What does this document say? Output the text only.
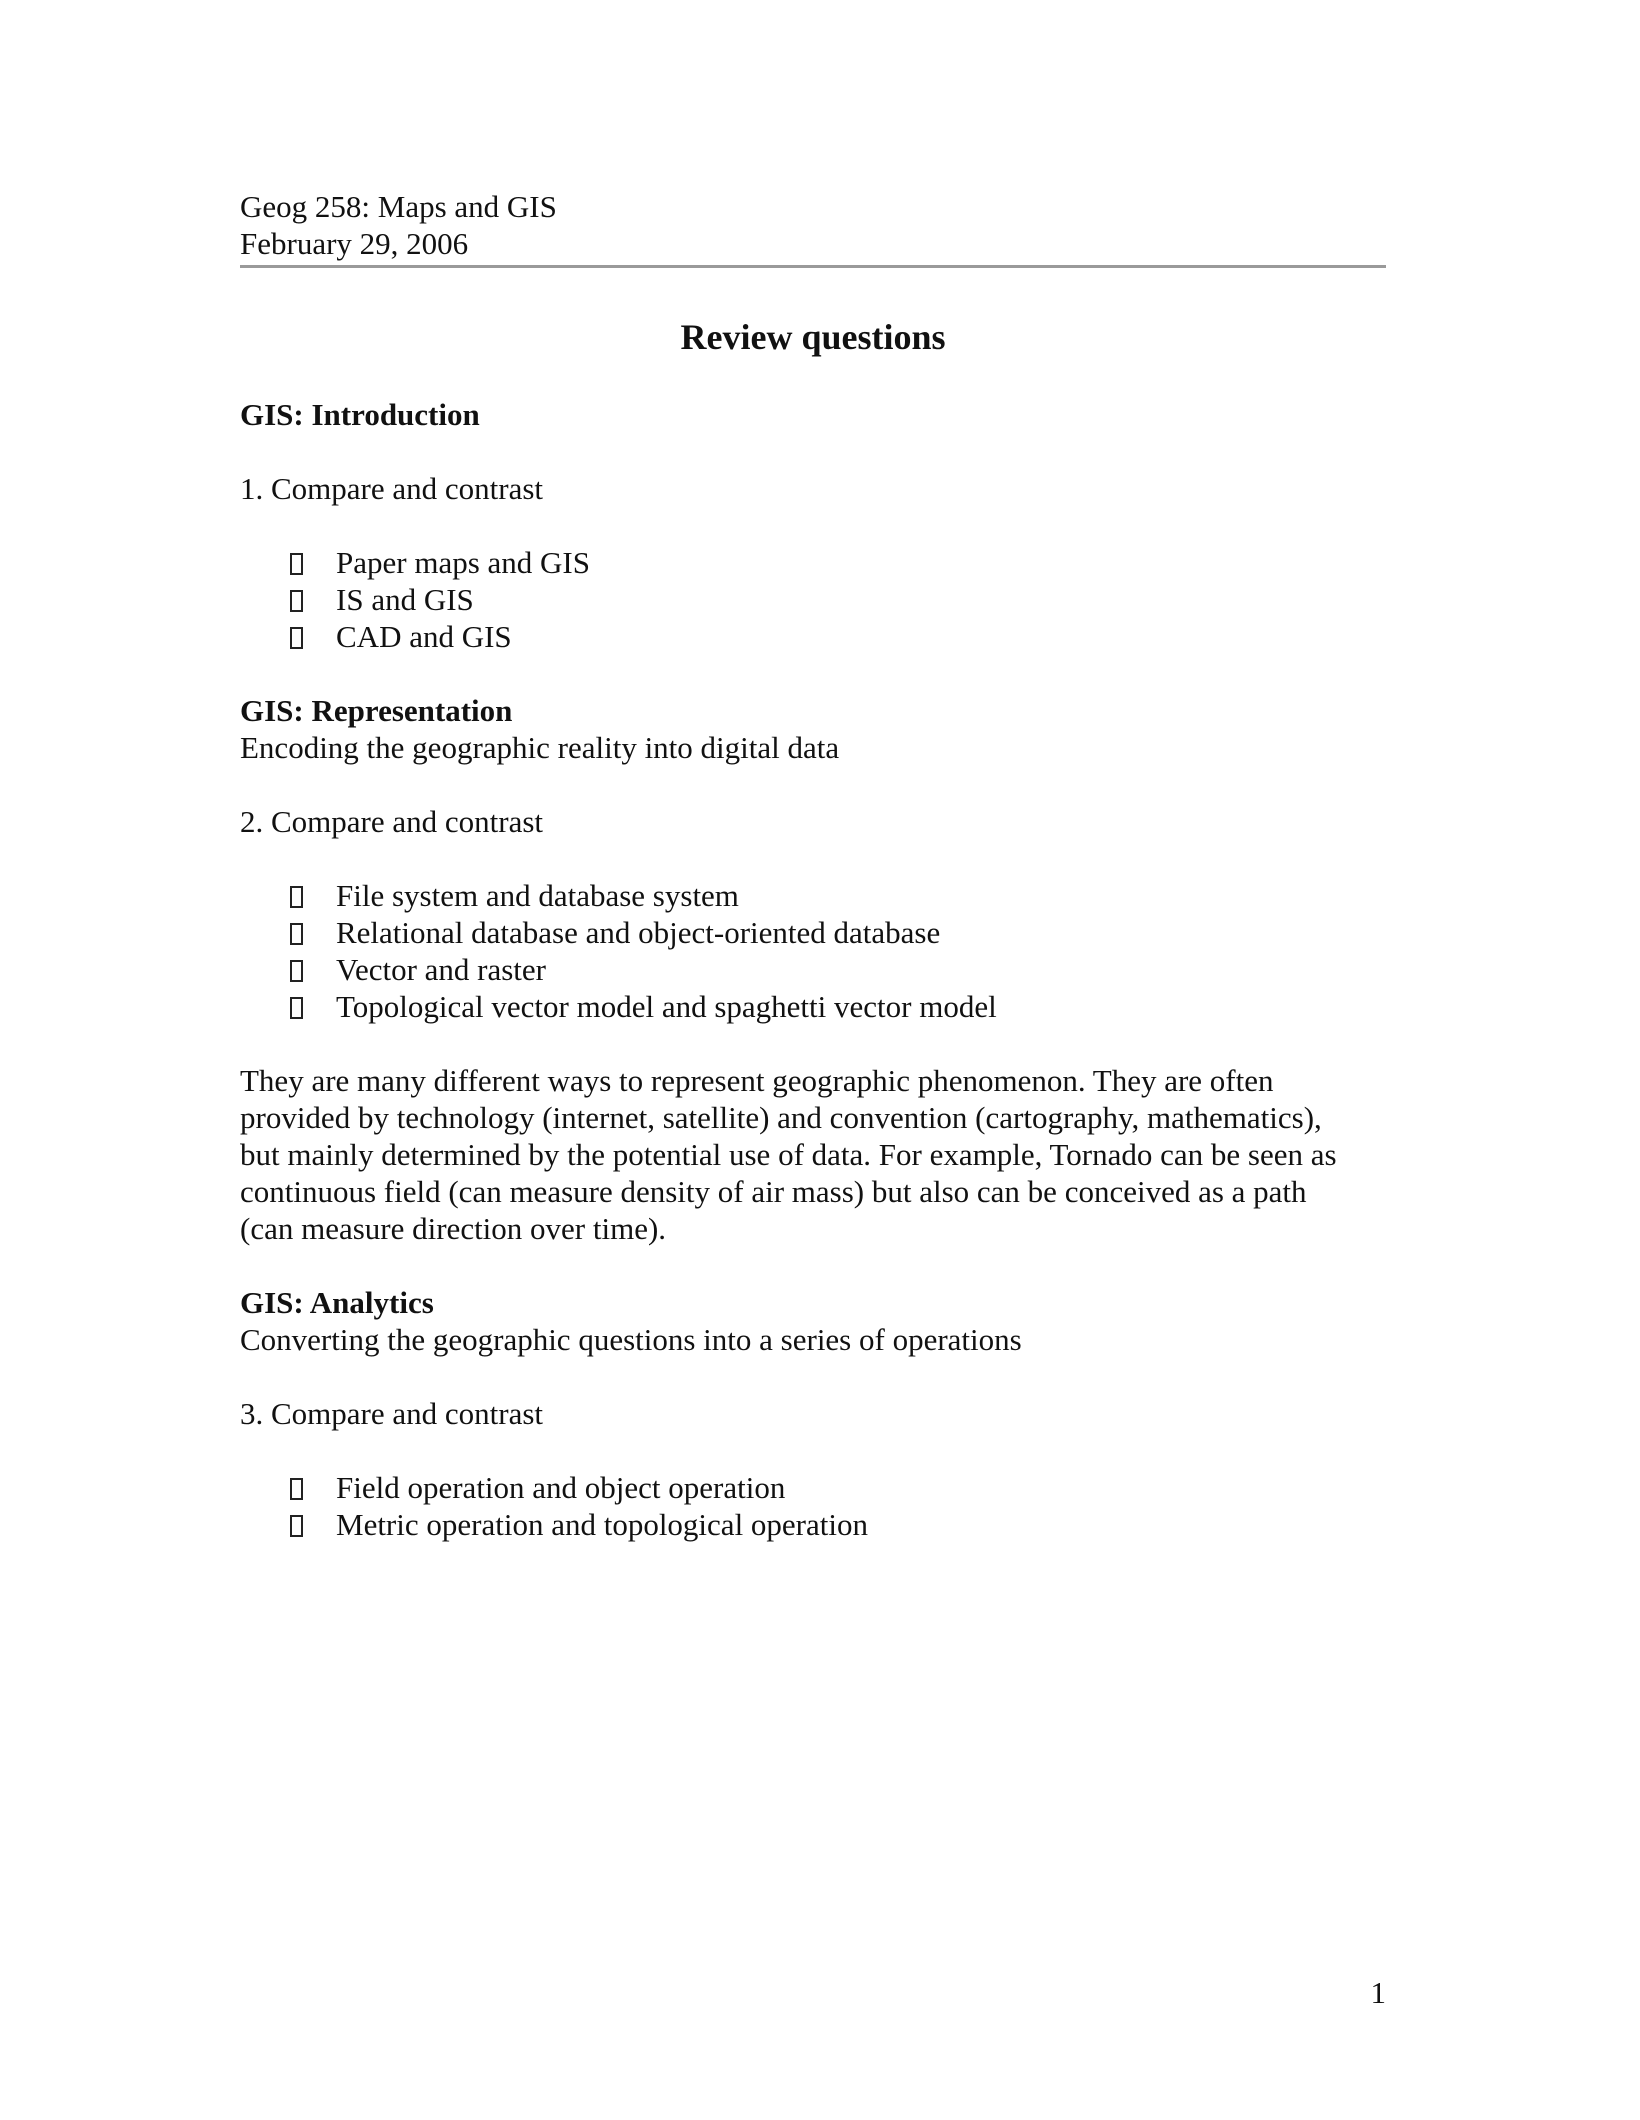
Geog 258: Maps and GIS

February 29, 2006

Review questions

GIS: Introduction

1. Compare and contrast

Paper maps and GIS
IS and GIS
CAD and GIS

GIS: Representation

Encoding the geographic reality into digital data

2. Compare and contrast

File system and database system
Relational database and object-oriented database
Vector and raster
Topological vector model and spaghetti vector model

They are many different ways to represent geographic phenomenon. They are often

provided by technology (internet, satellite) and convention (cartography, mathematics),

but mainly determined by the potential use of data. For example, Tornado can be seen as

continuous field (can measure density of air mass) but also can be conceived as a path

(can measure direction over time).

GIS: Analytics

Converting the geographic questions into a series of operations

3. Compare and contrast

Field operation and object operation
Metric operation and topological operation
1
